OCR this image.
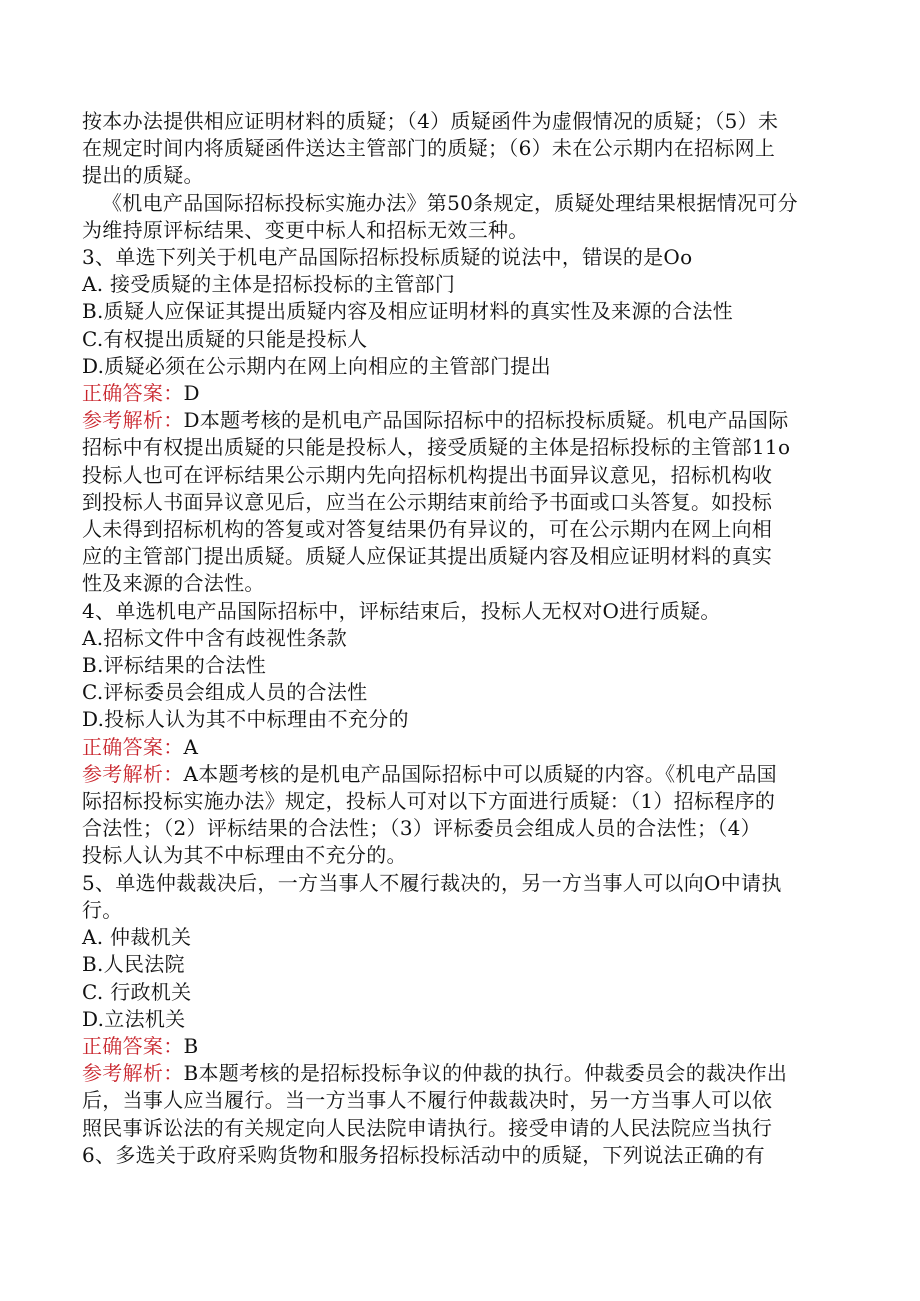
按本办法提供相应证明材料的质疑；（4）质疑函件为虚假情况的质疑；（5）未
在规定时间内将质疑函件送达主管部门的质疑；（6）未在公示期内在招标网上
提出的质疑。
《机电产品国际招标投标实施办法》第50条规定，质疑处理结果根据情况可分
为维持原评标结果、变更中标人和招标无效三种。
3、单选下列关于机电产品国际招标投标质疑的说法中，错误的是Oo
A. 接受质疑的主体是招标投标的主管部门
B.质疑人应保证其提出质疑内容及相应证明材料的真实性及来源的合法性
C.有权提出质疑的只能是投标人
D.质疑必须在公示期内在网上向相应的主管部门提出
正确答案：D
参考解析：D本题考核的是机电产品国际招标中的招标投标质疑。机电产品国际
招标中有权提出质疑的只能是投标人，接受质疑的主体是招标投标的主管部11o
投标人也可在评标结果公示期内先向招标机构提出书面异议意见，招标机构收
到投标人书面异议意见后，应当在公示期结束前给予书面或口头答复。如投标
人未得到招标机构的答复或对答复结果仍有异议的，可在公示期内在网上向相
应的主管部门提出质疑。质疑人应保证其提出质疑内容及相应证明材料的真实
性及来源的合法性。
4、单选机电产品国际招标中，评标结束后，投标人无权对O进行质疑。
A.招标文件中含有歧视性条款
B.评标结果的合法性
C.评标委员会组成人员的合法性
D.投标人认为其不中标理由不充分的
正确答案：A
参考解析：A本题考核的是机电产品国际招标中可以质疑的内容。《机电产品国
际招标投标实施办法》规定，投标人可对以下方面进行质疑：（1）招标程序的
合法性；（2）评标结果的合法性；（3）评标委员会组成人员的合法性；（4）
投标人认为其不中标理由不充分的。
5、单选仲裁裁决后，一方当事人不履行裁决的，另一方当事人可以向O中请执
行。
A. 仲裁机关
B.人民法院
C. 行政机关
D.立法机关
正确答案：B
参考解析：B本题考核的是招标投标争议的仲裁的执行。仲裁委员会的裁决作出
后，当事人应当履行。当一方当事人不履行仲裁裁决时，另一方当事人可以依
照民事诉讼法的有关规定向人民法院申请执行。接受申请的人民法院应当执行
6、多选关于政府采购货物和服务招标投标活动中的质疑，下列说法正确的有
